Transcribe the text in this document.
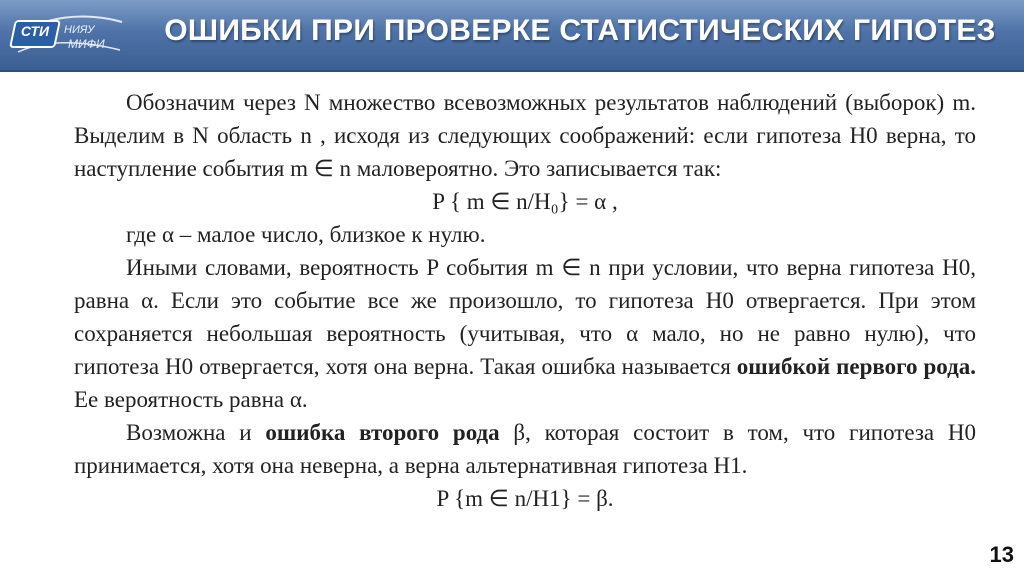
СТИ	НИЯУ
МИФИ	ОШИБКИ ПРИ ПРОВЕРКЕ СТАТИСТИЧЕСКИХ ГИПОТЕЗ

Обозначим через N множество всевозможных результатов наблюдений (выборок) m. Выделим в N область n , исходя из следующих соображений: если гипотеза H0 верна, то наступление события m ∈ n маловероятно. Это записывается так:

P { m ∈ n/H₀} = α ,

где α – малое число, близкое к нулю.

Иными словами, вероятность P события m ∈ n при условии, что верна гипотеза H0, равна α. Если это событие все же произошло, то гипотеза H0 отвергается. При этом сохраняется небольшая вероятность (учитывая, что α мало, но не равно нулю), что гипотеза H0 отвергается, хотя она верна. Такая ошибка называется ошибкой первого рода. Ее вероятность равна α.

Возможна и ошибка второго рода β, которая состоит в том, что гипотеза H0 принимается, хотя она неверна, а верна альтернативная гипотеза H1.

P {m ∈ n/H1} = β.

13
